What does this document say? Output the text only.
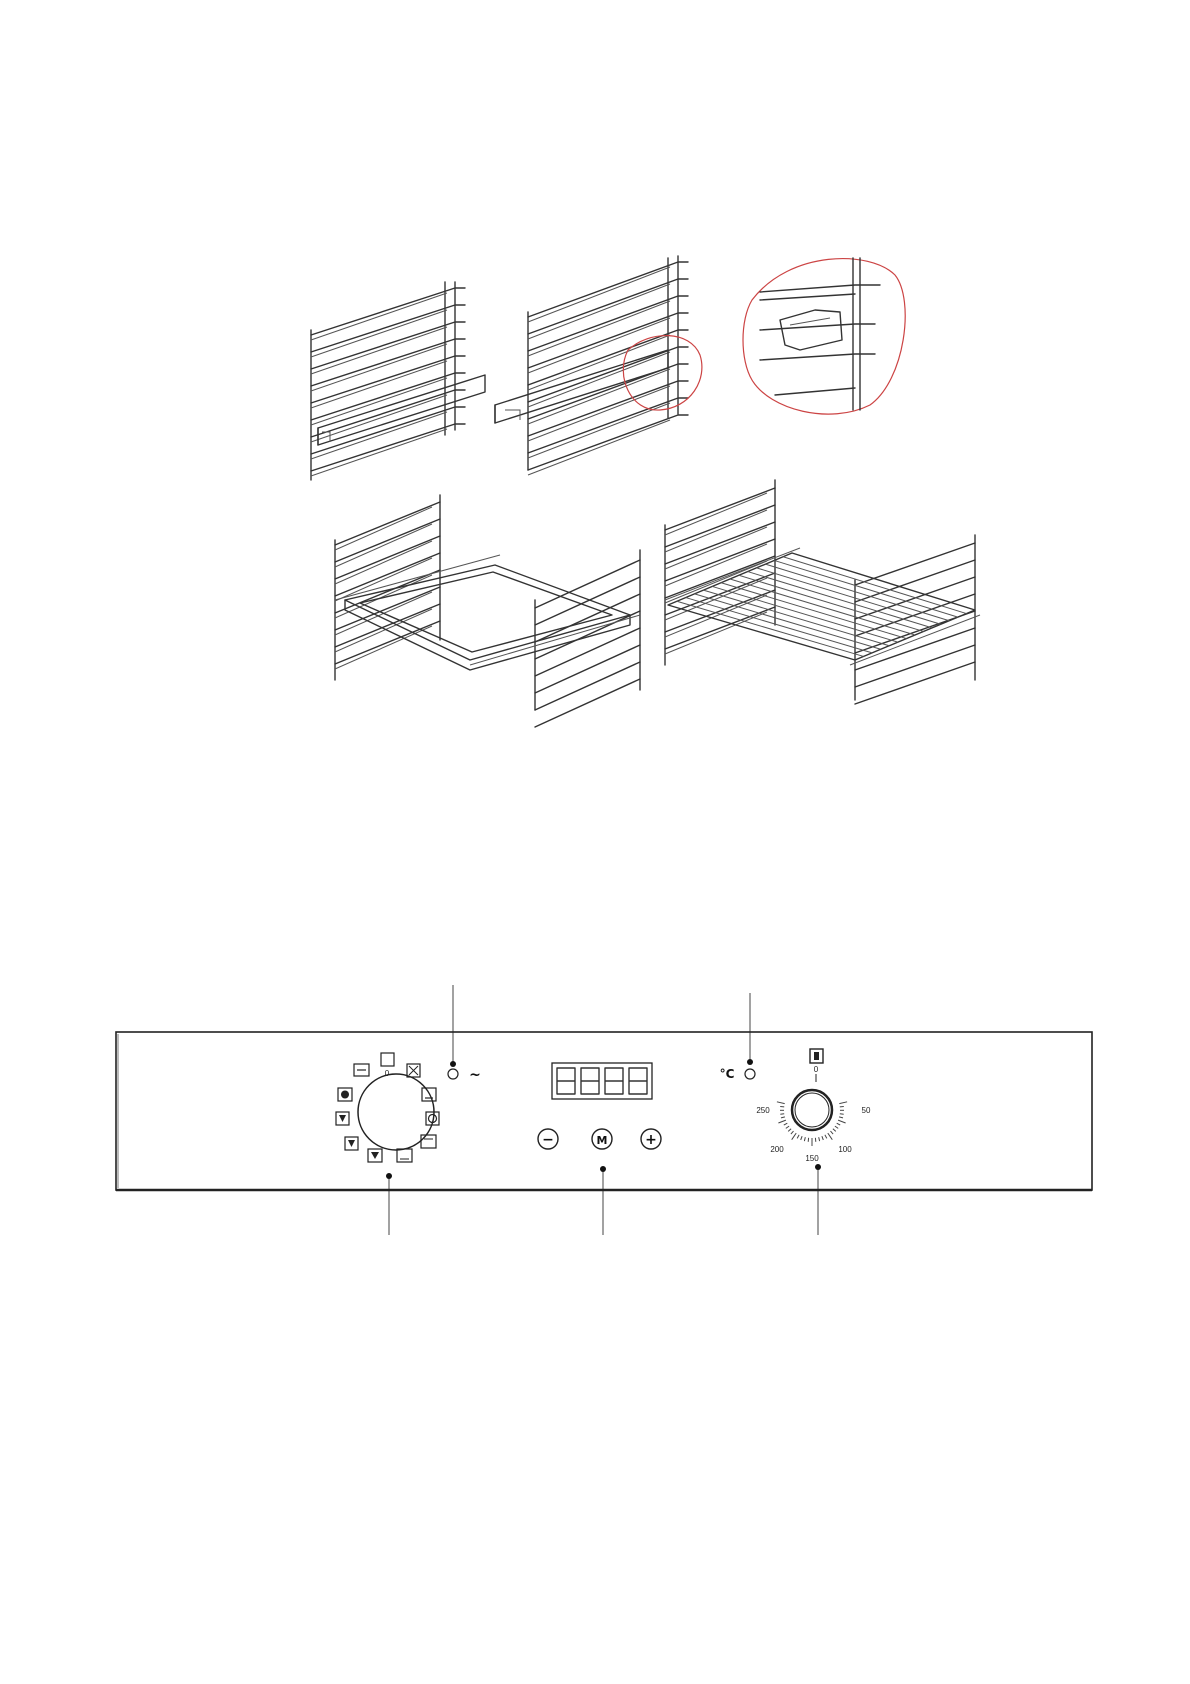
0	~
−	M	+
°C	0
250	50
200	100
150
